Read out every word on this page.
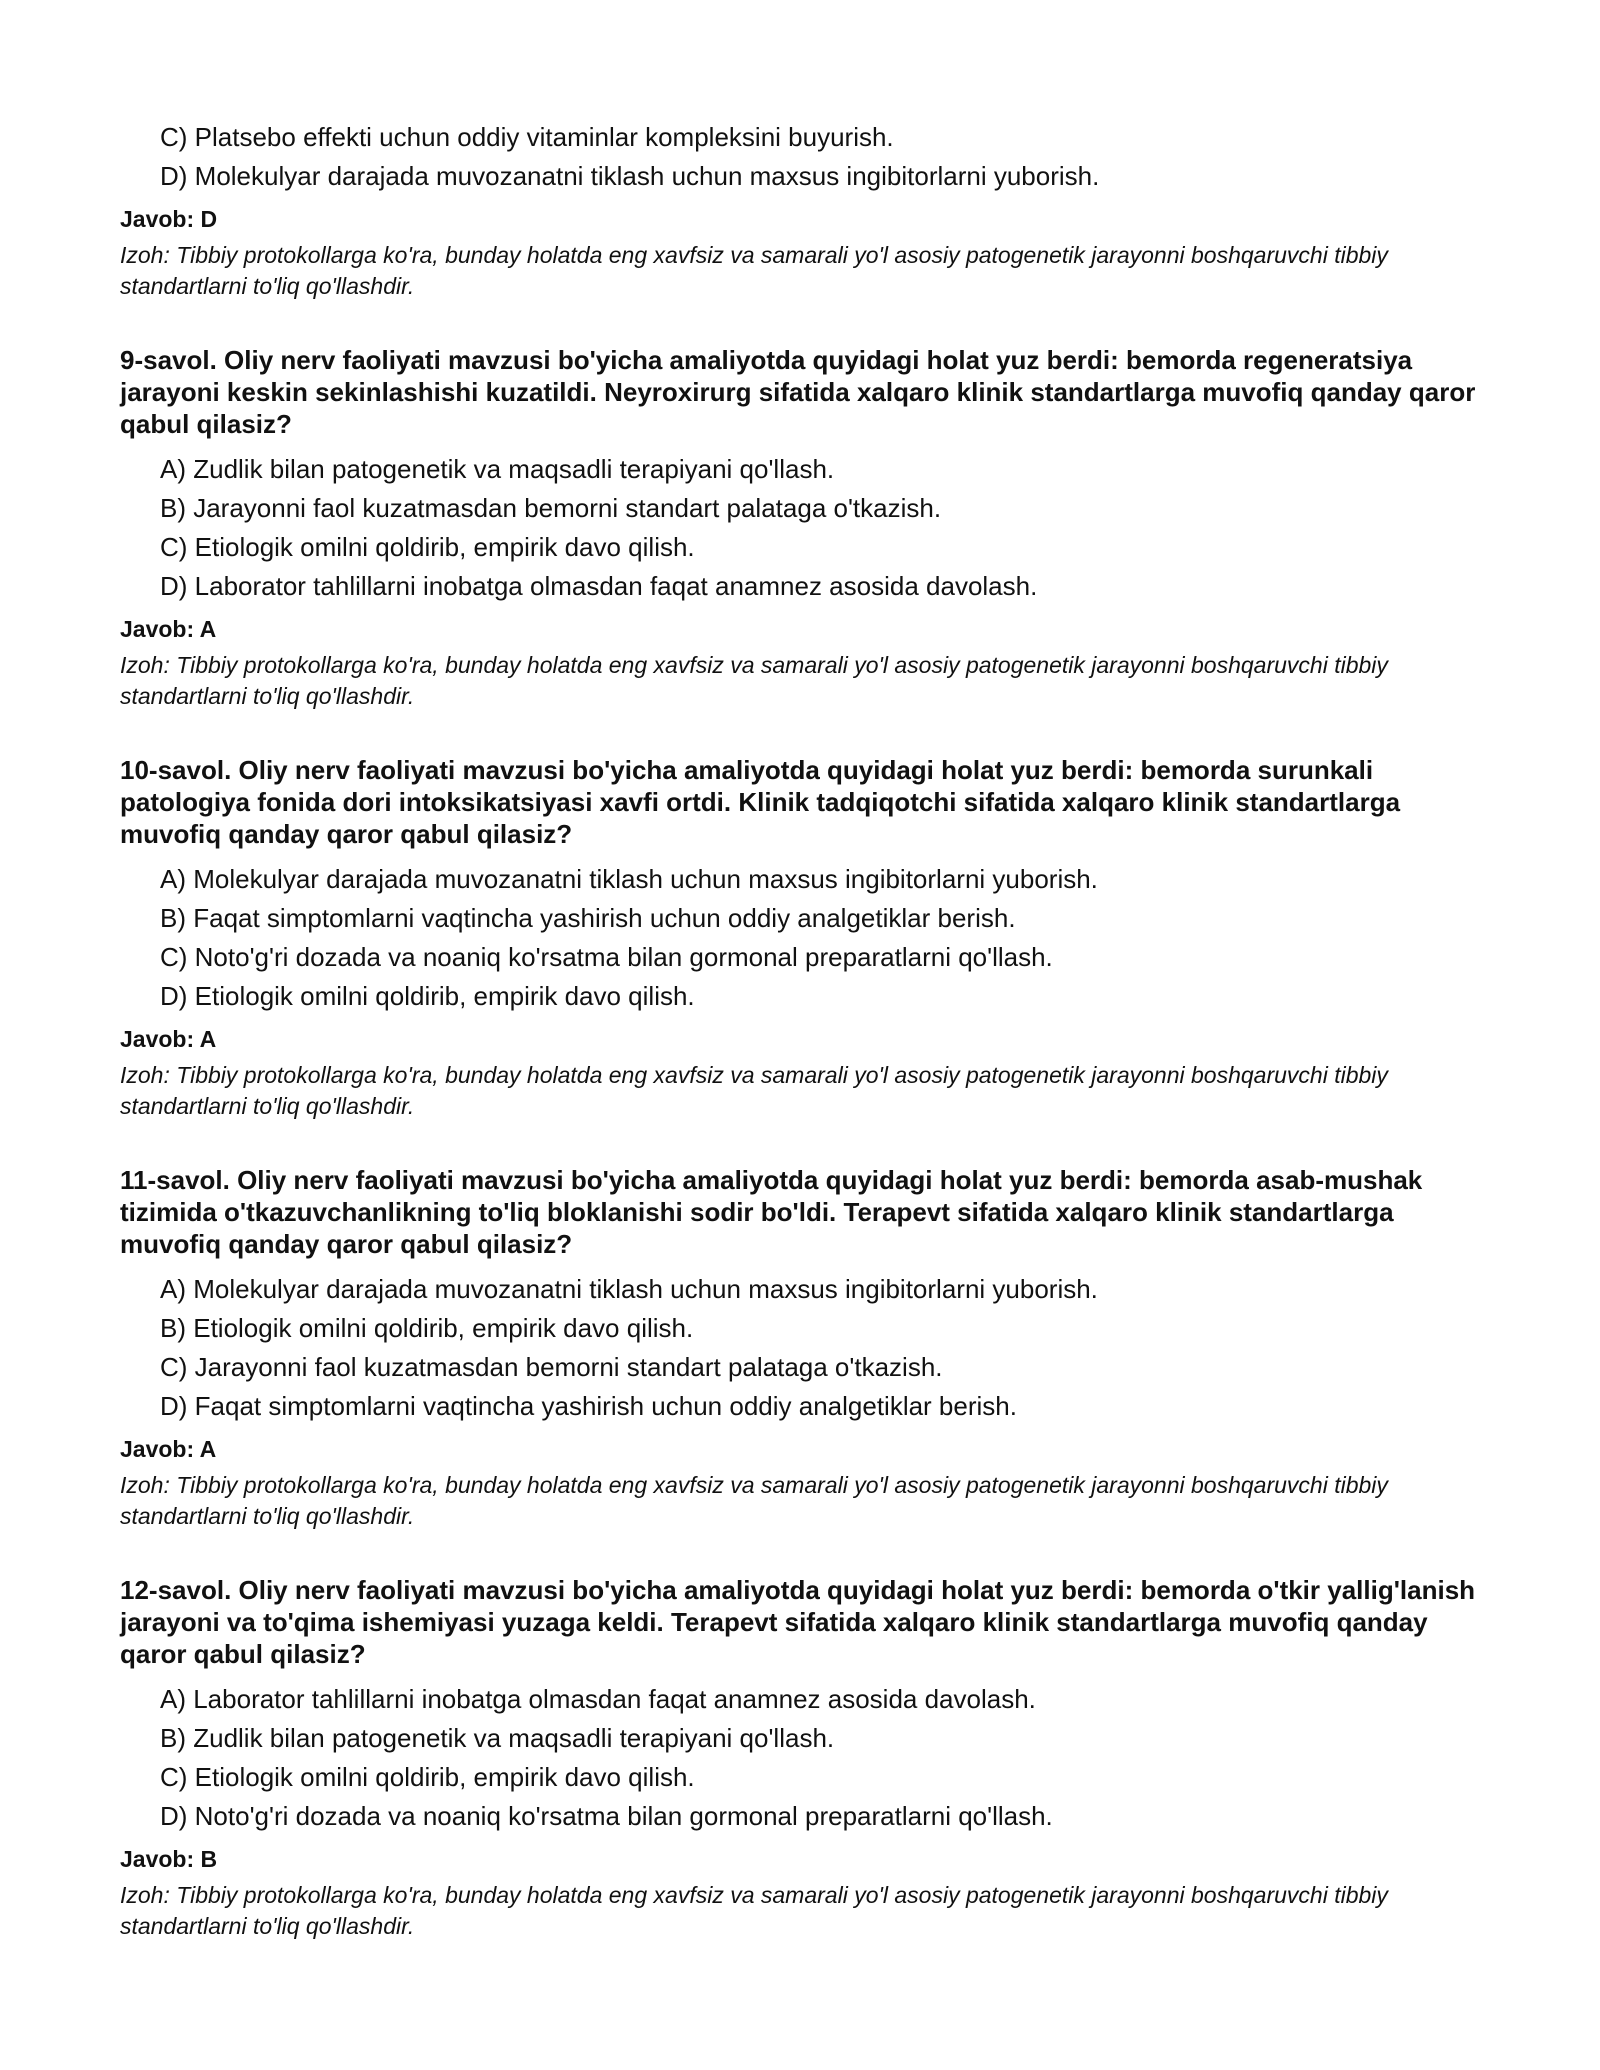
C) Platsebo effekti uchun oddiy vitaminlar kompleksini buyurish.
D) Molekulyar darajada muvozanatni tiklash uchun maxsus ingibitorlarni yuborish.
Javob: D
Izoh: Tibbiy protokollarga ko'ra, bunday holatda eng xavfsiz va samarali yo'l asosiy patogenetik jarayonni boshqaruvchi tibbiy standartlarni to'liq qo'llashdir.
9-savol. Oliy nerv faoliyati mavzusi bo'yicha amaliyotda quyidagi holat yuz berdi: bemorda regeneratsiya jarayoni keskin sekinlashishi kuzatildi. Neyroxirurg sifatida xalqaro klinik standartlarga muvofiq qanday qaror qabul qilasiz?
A) Zudlik bilan patogenetik va maqsadli terapiyani qo'llash.
B) Jarayonni faol kuzatmasdan bemorni standart palataga o'tkazish.
C) Etiologik omilni qoldirib, empirik davo qilish.
D) Laborator tahlillarni inobatga olmasdan faqat anamnez asosida davolash.
Javob: A
Izoh: Tibbiy protokollarga ko'ra, bunday holatda eng xavfsiz va samarali yo'l asosiy patogenetik jarayonni boshqaruvchi tibbiy standartlarni to'liq qo'llashdir.
10-savol. Oliy nerv faoliyati mavzusi bo'yicha amaliyotda quyidagi holat yuz berdi: bemorda surunkali patologiya fonida dori intoksikatsiyasi xavfi ortdi. Klinik tadqiqotchi sifatida xalqaro klinik standartlarga muvofiq qanday qaror qabul qilasiz?
A) Molekulyar darajada muvozanatni tiklash uchun maxsus ingibitorlarni yuborish.
B) Faqat simptomlarni vaqtincha yashirish uchun oddiy analgetiklar berish.
C) Noto'g'ri dozada va noaniq ko'rsatma bilan gormonal preparatlarni qo'llash.
D) Etiologik omilni qoldirib, empirik davo qilish.
Javob: A
Izoh: Tibbiy protokollarga ko'ra, bunday holatda eng xavfsiz va samarali yo'l asosiy patogenetik jarayonni boshqaruvchi tibbiy standartlarni to'liq qo'llashdir.
11-savol. Oliy nerv faoliyati mavzusi bo'yicha amaliyotda quyidagi holat yuz berdi: bemorda asab-mushak tizimida o'tkazuvchanlikning to'liq bloklanishi sodir bo'ldi. Terapevt sifatida xalqaro klinik standartlarga muvofiq qanday qaror qabul qilasiz?
A) Molekulyar darajada muvozanatni tiklash uchun maxsus ingibitorlarni yuborish.
B) Etiologik omilni qoldirib, empirik davo qilish.
C) Jarayonni faol kuzatmasdan bemorni standart palataga o'tkazish.
D) Faqat simptomlarni vaqtincha yashirish uchun oddiy analgetiklar berish.
Javob: A
Izoh: Tibbiy protokollarga ko'ra, bunday holatda eng xavfsiz va samarali yo'l asosiy patogenetik jarayonni boshqaruvchi tibbiy standartlarni to'liq qo'llashdir.
12-savol. Oliy nerv faoliyati mavzusi bo'yicha amaliyotda quyidagi holat yuz berdi: bemorda o'tkir yallig'lanish jarayoni va to'qima ishemiyasi yuzaga keldi. Terapevt sifatida xalqaro klinik standartlarga muvofiq qanday qaror qabul qilasiz?
A) Laborator tahlillarni inobatga olmasdan faqat anamnez asosida davolash.
B) Zudlik bilan patogenetik va maqsadli terapiyani qo'llash.
C) Etiologik omilni qoldirib, empirik davo qilish.
D) Noto'g'ri dozada va noaniq ko'rsatma bilan gormonal preparatlarni qo'llash.
Javob: B
Izoh: Tibbiy protokollarga ko'ra, bunday holatda eng xavfsiz va samarali yo'l asosiy patogenetik jarayonni boshqaruvchi tibbiy standartlarni to'liq qo'llashdir.
